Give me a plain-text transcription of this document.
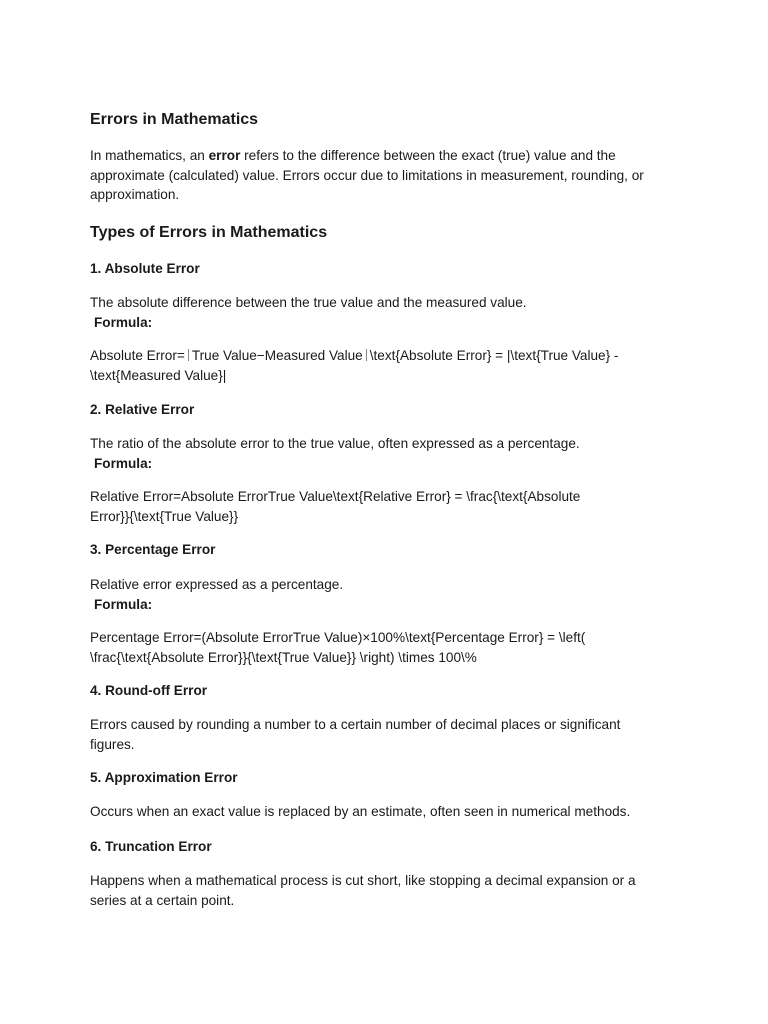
Errors in Mathematics

In mathematics, an error refers to the difference between the exact (true) value and the
approximate (calculated) value. Errors occur due to limitations in measurement, rounding, or
approximation.

Types of Errors in Mathematics
1. Absolute Error

The absolute difference between the true value and the measured value.
Formula:

Absolute Error= True Value−Measured Value \text{Absolute Error} = |\text{True Value} -
\text{Measured Value}|

2. Relative Error

The ratio of the absolute error to the true value, often expressed as a percentage.
Formula:

Relative Error=Absolute ErrorTrue Value\text{Relative Error} = \frac{\text{Absolute
Error}}{\text{True Value}}

3. Percentage Error

Relative error expressed as a percentage.
Formula:

Percentage Error=(Absolute ErrorTrue Value)×100%\text{Percentage Error} = \left(
\frac{\text{Absolute Error}}{\text{True Value}} \right) \times 100\%

4. Round-off Error

Errors caused by rounding a number to a certain number of decimal places or significant
figures.

5. Approximation Error

Occurs when an exact value is replaced by an estimate, often seen in numerical methods.

6. Truncation Error

Happens when a mathematical process is cut short, like stopping a decimal expansion or a
series at a certain point.
